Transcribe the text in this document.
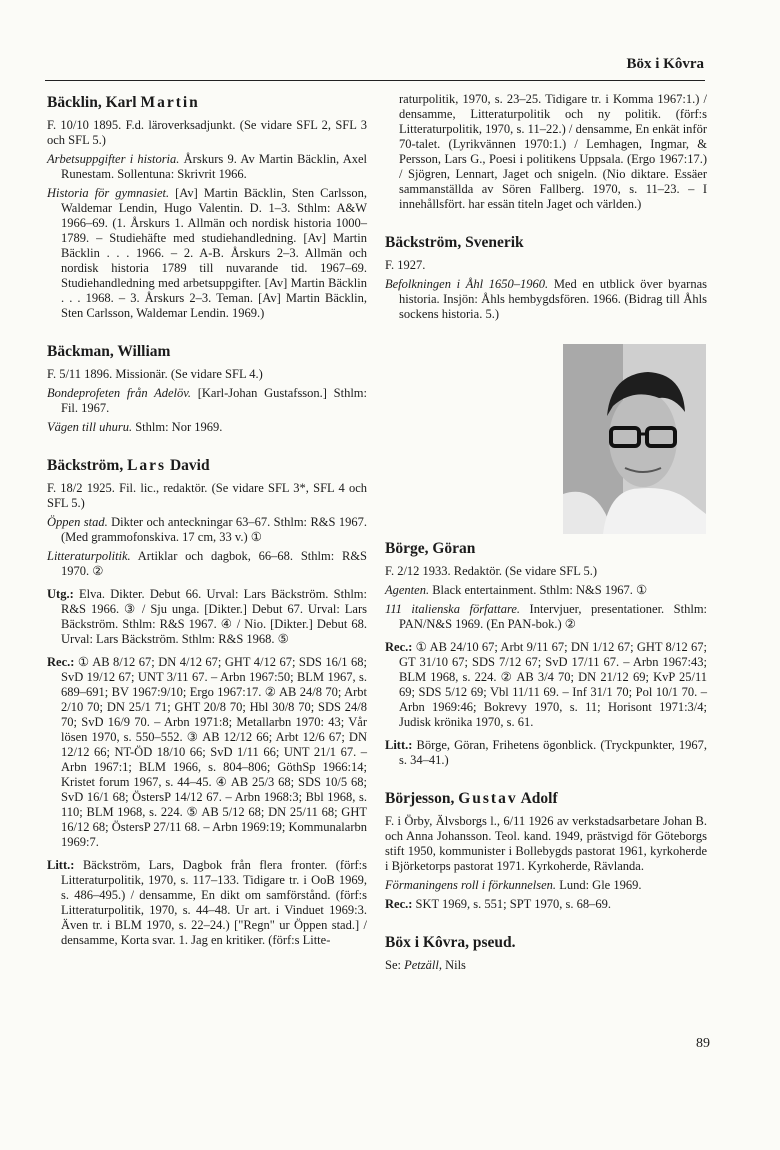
Böx i Kôvra
Bäcklin, Karl Martin

F. 10/10 1895. F.d. läroverksadjunkt. (Se vidare SFL 2, SFL 3 och SFL 5.)

Arbetsuppgifter i historia. Årskurs 9. Av Martin Bäcklin, Axel Runestam. Sollentuna: Skrivrit 1966.

Historia för gymnasiet. [Av] Martin Bäcklin, Sten Carlsson, Waldemar Lendin, Hugo Valentin. D. 1–3. Sthlm: A&W 1966–69. (1. Årskurs 1. Allmän och nordisk historia 1000–1789. – Studiehäfte med studiehandledning. [Av] Martin Bäcklin . . . 1966. – 2. A-B. Årskurs 2–3. Allmän och nordisk historia 1789 till nuvarande tid. 1967–69. Studiehandledning med arbetsuppgifter. [Av] Martin Bäcklin . . . 1968. – 3. Årskurs 2–3. Teman. [Av] Martin Bäcklin, Sten Carlsson, Waldemar Lendin. 1969.)

Bäckman, William

F. 5/11 1896. Missionär. (Se vidare SFL 4.)

Bondeprofeten från Adelöv. [Karl-Johan Gustafsson.] Sthlm: Fil. 1967.

Vägen till uhuru. Sthlm: Nor 1969.

Bäckström, Lars David

F. 18/2 1925. Fil. lic., redaktör. (Se vidare SFL 3*, SFL 4 och SFL 5.)

Öppen stad. Dikter och anteckningar 63–67. Sthlm: R&S 1967. (Med grammofonskiva. 17 cm, 33 v.) ①

Litteraturpolitik. Artiklar och dagbok, 66–68. Sthlm: R&S 1970. ②

Utg.: Elva. Dikter. Debut 66. Urval: Lars Bäckström. Sthlm: R&S 1966. ③ / Sju unga. [Dikter.] Debut 67. Urval: Lars Bäckström. Sthlm: R&S 1967. ④ / Nio. [Dikter.] Debut 68. Urval: Lars Bäckström. Sthlm: R&S 1968. ⑤

Rec.: ① AB 8/12 67; DN 4/12 67; GHT 4/12 67; SDS 16/1 68; SvD 19/12 67; UNT 3/11 67. – Arbn 1967:50; BLM 1967, s. 689–691; BV 1967:9/10; Ergo 1967:17. ② AB 24/8 70; Arbt 2/10 70; DN 25/1 71; GHT 20/8 70; Hbl 30/8 70; SDS 24/8 70; SvD 16/9 70. – Arbn 1971:8; Metallarbn 1970: 43; Vår lösen 1970, s. 550–552. ③ AB 12/12 66; Arbt 12/6 67; DN 12/12 66; NT-ÖD 18/10 66; SvD 1/11 66; UNT 21/1 67. – Arbn 1967:1; BLM 1966, s. 804–806; GöthSp 1966:14; Kristet forum 1967, s. 44–45. ④ AB 25/3 68; SDS 10/5 68; SvD 16/1 68; ÖstersP 14/12 67. – Arbn 1968:3; Bbl 1968, s. 110; BLM 1968, s. 224. ⑤ AB 5/12 68; DN 25/11 68; GHT 16/12 68; ÖstersP 27/11 68. – Arbn 1969:19; Kommunalarbn 1969:7.

Litt.: Bäckström, Lars, Dagbok från flera fronter. (förf:s Litteraturpolitik, 1970, s. 117–133. Tidigare tr. i OoB 1969, s. 486–495.) / densamme, En dikt om samförstånd. (förf:s Litteraturpolitik, 1970, s. 44–48. Ur art. i Vinduet 1969:3. Även tr. i BLM 1970, s. 22–24.) ["Regn" ur Öppen stad.] / densamme, Korta svar. 1. Jag en kritiker. (förf:s Litte-

raturpolitik, 1970, s. 23–25. Tidigare tr. i Komma 1967:1.) / densamme, Litteraturpolitik och ny politik. (förf:s Litteraturpolitik, 1970, s. 11–22.) / densamme, En enkät inför 70-talet. (Lyrikvännen 1970:1.) / Lemhagen, Ingmar, & Persson, Lars G., Poesi i politikens Uppsala. (Ergo 1967:17.) / Sjögren, Lennart, Jaget och snigeln. (Nio diktare. Essäer sammanställda av Sören Fallberg. 1970, s. 11–23. – I innehållsfört. har essän titeln Jaget och världen.)

Bäckström, Svenerik

F. 1927.

Befolkningen i Åhl 1650–1960. Med en utblick över byarnas historia. Insjön: Åhls hembygdsfören. 1966. (Bidrag till Åhls sockens historia. 5.)

Börge, Göran

F. 2/12 1933. Redaktör. (Se vidare SFL 5.)

Agenten. Black entertainment. Sthlm: N&S 1967. ①

111 italienska författare. Intervjuer, presentationer. Sthlm: PAN/N&S 1969. (En PAN-bok.) ②

Rec.: ① AB 24/10 67; Arbt 9/11 67; DN 1/12 67; GHT 8/12 67; GT 31/10 67; SDS 7/12 67; SvD 17/11 67. – Arbn 1967:43; BLM 1968, s. 224. ② AB 3/4 70; DN 21/12 69; KvP 25/11 69; SDS 5/12 69; Vbl 11/11 69. – Inf 31/1 70; Pol 10/1 70. – Arbn 1969:46; Bokrevy 1970, s. 11; Horisont 1971:3/4; Judisk krönika 1970, s. 61.

Litt.: Börge, Göran, Frihetens ögonblick. (Tryckpunkter, 1967, s. 34–41.)

Börjesson, Gustav Adolf

F. i Örby, Älvsborgs l., 6/11 1926 av verkstadsarbetare Johan B. och Anna Johansson. Teol. kand. 1949, prästvigd för Göteborgs stift 1950, kommunister i Bollebygds pastorat 1961, kyrkoherde i Björketorps pastorat 1971. Kyrkoherde, Rävlanda.

Förmaningens roll i förkunnelsen. Lund: Gle 1969.

Rec.: SKT 1969, s. 551; SPT 1970, s. 68–69.

Böx i Kôvra, pseud.

Se: Petzäll, Nils

89
